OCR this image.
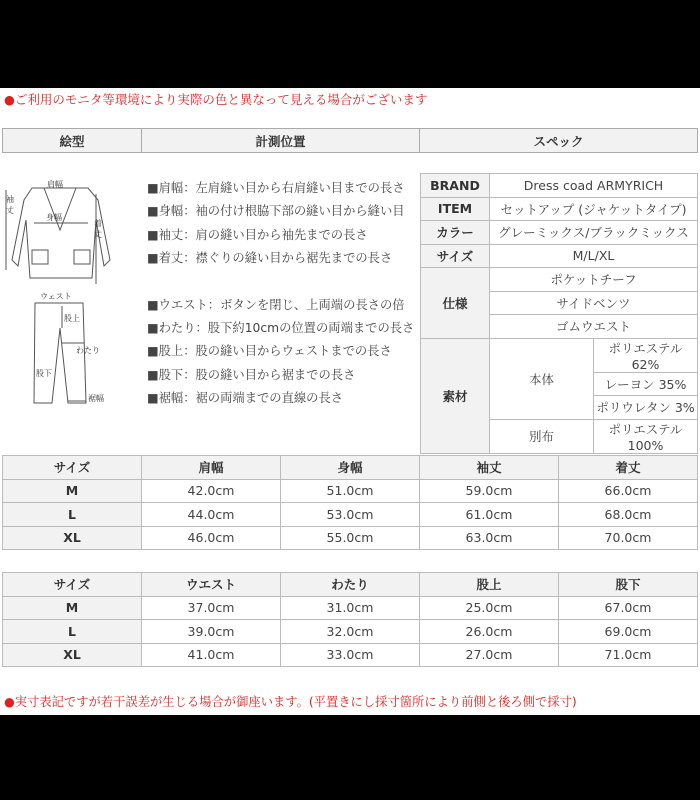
●ご利用のモニタ等環境により実際の色と異なって見える場合がございます
絵型	計測位置	スペック
肩幅
袖丈
身幅
着丈
ウェスト
股上
わたり
股下
裾幅
■肩幅：左肩縫い目から右肩縫い目までの長さ
■身幅：袖の付け根脇下部の縫い目から縫い目
■袖丈：肩の縫い目から袖先までの長さ
■着丈：襟ぐりの縫い目から裾先までの長さ
■ウエスト：ボタンを閉じ、上両端の長さの倍
■わたり：股下約10cmの位置の両端までの長さ
■股上：股の縫い目からウェストまでの長さ
■股下：股の縫い目から裾までの長さ
■裾幅：裾の両端までの直線の長さ
BRAND	Dress coad ARMYRICH	
ITEM	セットアップ (ジャケットタイプ)	
カラー	グレーミックス/ブラックミックス	
サイズ	M/L/XL	
仕様	ポケットチーフ	
	サイドベンツ	
	ゴムウエスト	
素材	本体	ポリエステル 62%
		レーヨン 35%
		ポリウレタン 3%
	別布	ポリエステル 100%
サイズ	肩幅	身幅	袖丈	着丈
M	42.0cm	51.0cm	59.0cm	66.0cm
L	44.0cm	53.0cm	61.0cm	68.0cm
XL	46.0cm	55.0cm	63.0cm	70.0cm
サイズ	ウエスト	わたり	股上	股下
M	37.0cm	31.0cm	25.0cm	67.0cm
L	39.0cm	32.0cm	26.0cm	69.0cm
XL	41.0cm	33.0cm	27.0cm	71.0cm
●実寸表記ですが若干誤差が生じる場合が御座います。(平置きにし採寸箇所により前側と後ろ側で採寸)
